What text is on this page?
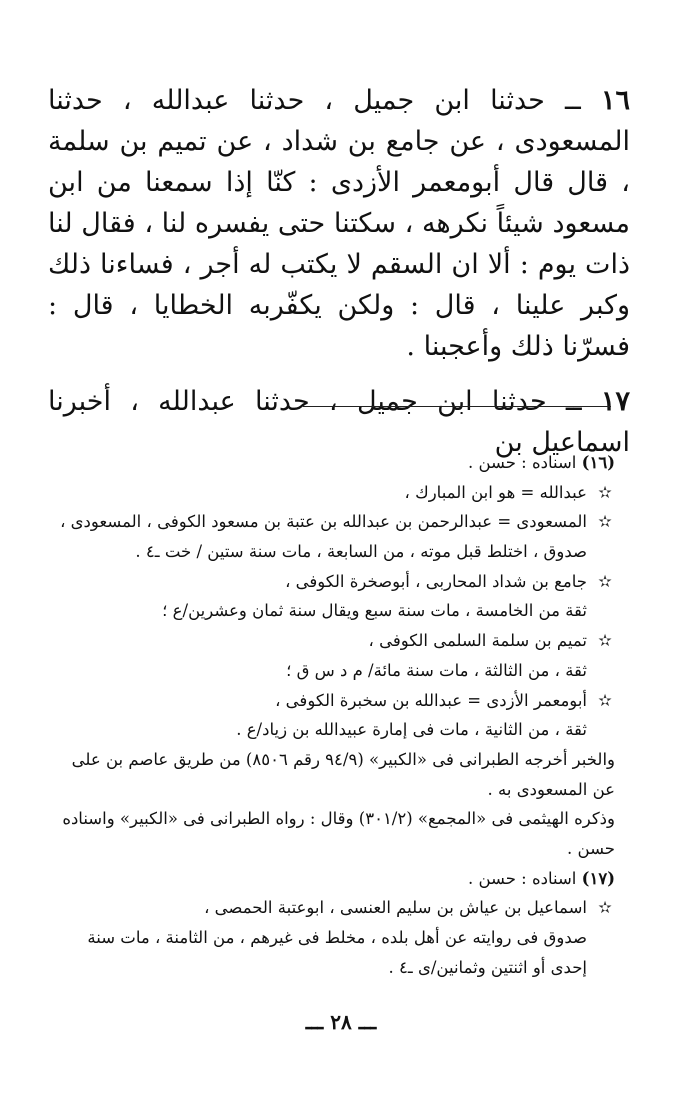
١٦ ــ حدثنا ابن جميل ، حدثنا عبدالله ، حدثنا المسعودى ، عن جامع بن شداد ، عن تميم بن سلمة ، قال قال أبومعمر الأزدى : كنّا إذا سمعنا من ابن مسعود شيئاً نكرهه ، سكتنا حتى يفسره لنا ، فقال لنا ذات يوم : ألا ان السقم لا يكتب له أجر ، فساءنا ذلك وكبر علينا ، قال : ولكن يكفّربه الخطايا ، قال : فسرّنا ذلك وأعجبنا .

١٧ ــ حدثنا ابن جميل ، حدثنا عبدالله ، أخبرنا اسماعيل بن

(١٦) اسناده : حسن .
✫
عبدالله = هو ابن المبارك ،
✫
المسعودى = عبدالرحمن بن عبدالله بن عتبة بن مسعود الكوفى ، المسعودى ،
صدوق ، اختلط قبل موته ، من السابعة ، مات سنة ستين / خت ـ٤ .
✫
جامع بن شداد المحاربى ، أبوصخرة الكوفى ،
ثقة من الخامسة ، مات سنة سبع ويقال سنة ثمان وعشرين/ع ؛
✫
تميم بن سلمة السلمى الكوفى ،
ثقة ، من الثالثة ، مات سنة مائة/ م د س ق ؛
✫
أبومعمر الأزدى = عبدالله بن سخبرة الكوفى ،
ثقة ، من الثانية ، مات فى إمارة عبيدالله بن زياد/ع .
والخبر أخرجه الطبرانى فى «الكبير» (٩٤/٩ رقم ٨٥٠٦) من طريق عاصم بن على
عن المسعودى به .
وذكره الهيثمى فى «المجمع» (٣٠١/٢) وقال : رواه الطبرانى فى «الكبير» واسناده
حسن .
(١٧) اسناده : حسن .
✫
اسماعيل بن عياش بن سليم العنسى ، ابوعتبة الحمصى ،
صدوق فى روايته عن أهل بلده ، مخلط فى غيرهم ، من الثامنة ، مات سنة
إحدى أو اثنتين وثمانين/ى ـ٤ .
ـــ ٢٨ ـــ
